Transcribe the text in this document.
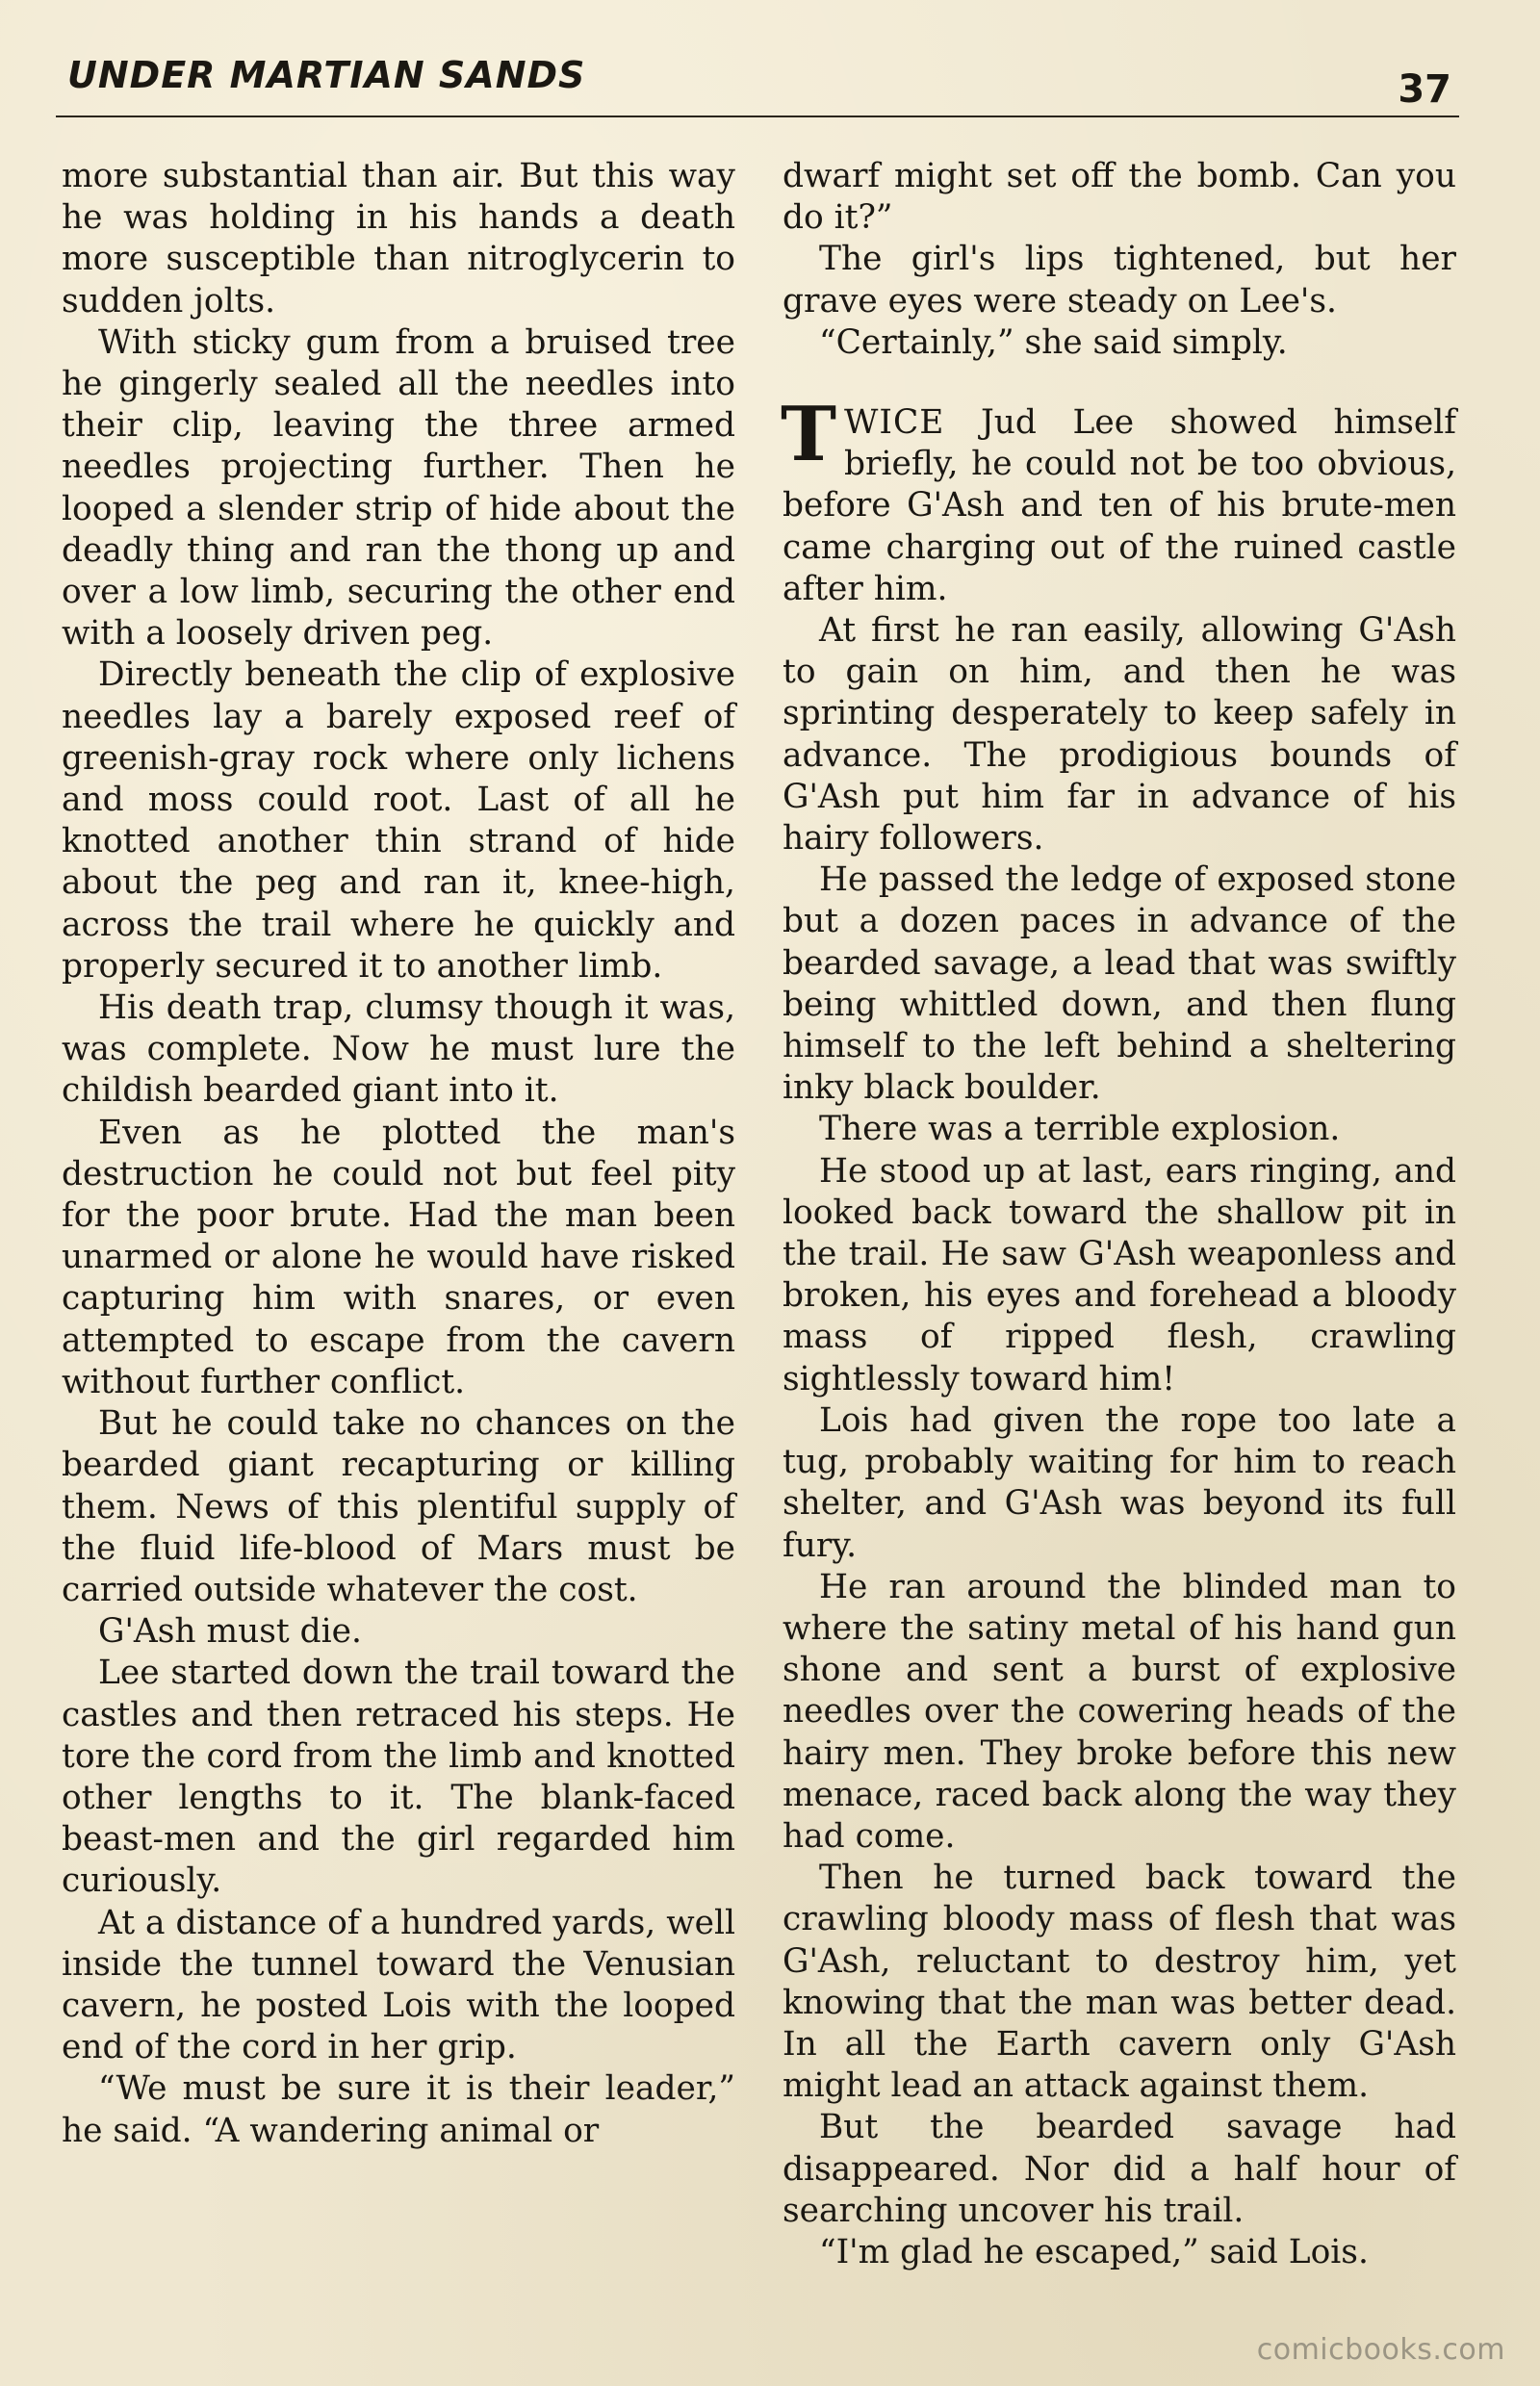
UNDER MARTIAN SANDS	37

more substantial than air. But this way he was holding in his hands a death more susceptible than nitroglycerin to sudden jolts.

With sticky gum from a bruised tree he gingerly sealed all the needles into their clip, leaving the three armed needles projecting further. Then he looped a slender strip of hide about the deadly thing and ran the thong up and over a low limb, securing the other end with a loosely driven peg.

Directly beneath the clip of explosive needles lay a barely exposed reef of greenish-gray rock where only lichens and moss could root. Last of all he knotted another thin strand of hide about the peg and ran it, knee-high, across the trail where he quickly and properly secured it to another limb.

His death trap, clumsy though it was, was complete. Now he must lure the childish bearded giant into it.

Even as he plotted the man's destruction he could not but feel pity for the poor brute. Had the man been unarmed or alone he would have risked capturing him with snares, or even attempted to escape from the cavern without further conflict.

But he could take no chances on the bearded giant recapturing or killing them. News of this plentiful supply of the fluid life-blood of Mars must be carried outside whatever the cost.

G'Ash must die.

Lee started down the trail toward the castles and then retraced his steps. He tore the cord from the limb and knotted other lengths to it. The blank-faced beast-men and the girl regarded him curiously.

At a distance of a hundred yards, well inside the tunnel toward the Venusian cavern, he posted Lois with the looped end of the cord in her grip.

“We must be sure it is their leader,” he said. “A wandering animal or

dwarf might set off the bomb. Can you do it?”

The girl's lips tightened, but her grave eyes were steady on Lee's.

“Certainly,” she said simply.

TWICE Jud Lee showed himself briefly, he could not be too obvious, before G'Ash and ten of his brute-men came charging out of the ruined castle after him.

At first he ran easily, allowing G'Ash to gain on him, and then he was sprinting desperately to keep safely in advance. The prodigious bounds of G'Ash put him far in advance of his hairy followers.

He passed the ledge of exposed stone but a dozen paces in advance of the bearded savage, a lead that was swiftly being whittled down, and then flung himself to the left behind a sheltering inky black boulder.

There was a terrible explosion.

He stood up at last, ears ringing, and looked back toward the shallow pit in the trail. He saw G'Ash weaponless and broken, his eyes and forehead a bloody mass of ripped flesh, crawling sightlessly toward him!

Lois had given the rope too late a tug, probably waiting for him to reach shelter, and G'Ash was beyond its full fury.

He ran around the blinded man to where the satiny metal of his hand gun shone and sent a burst of explosive needles over the cowering heads of the hairy men. They broke before this new menace, raced back along the way they had come.

Then he turned back toward the crawling bloody mass of flesh that was G'Ash, reluctant to destroy him, yet knowing that the man was better dead. In all the Earth cavern only G'Ash might lead an attack against them.

But the bearded savage had disappeared. Nor did a half hour of searching uncover his trail.

“I'm glad he escaped,” said Lois.

comicbooks.com
